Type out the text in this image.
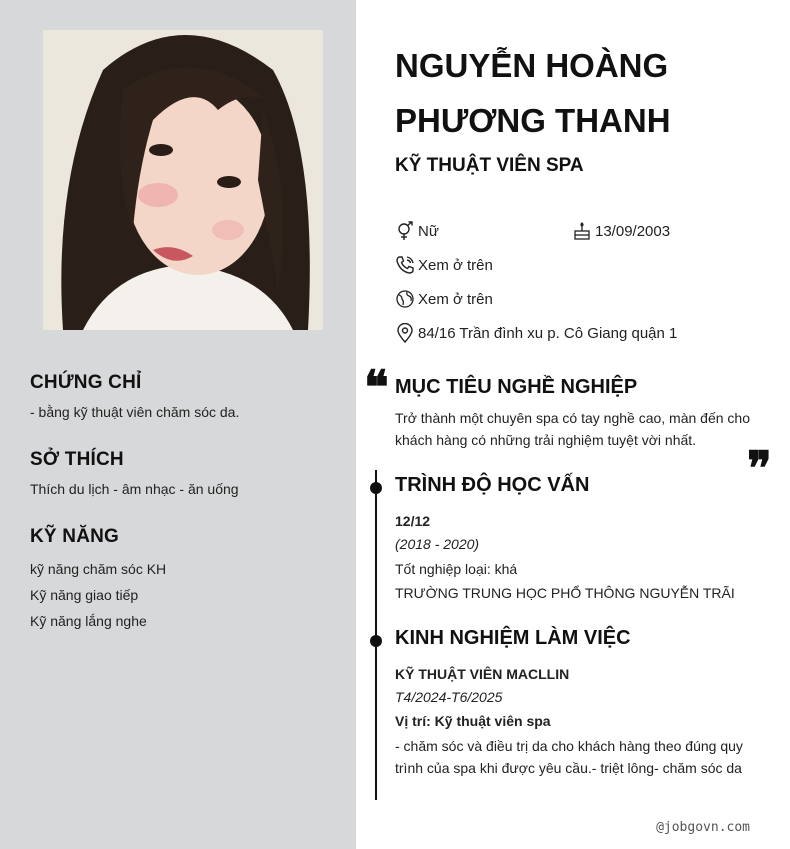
CHỨNG CHỈ
- bằng kỹ thuật viên chăm sóc da.
SỞ THÍCH
Thích du lịch - âm nhạc - ăn uống
KỸ NĂNG
kỹ năng chăm sóc KH
Kỹ năng giao tiếp
Kỹ năng lắng nghe
NGUYỄN HOÀNG
PHƯƠNG THANH
KỸ THUẬT VIÊN SPA
Nữ	13/09/2003
Xem ở trên
Xem ở trên
84/16 Trần đình xu p. Cô Giang quận 1
❝ MỤC TIÊU NGHỀ NGHIỆP
Trở thành một chuyên spa có tay nghề cao, màn đến cho khách hàng có những trải nghiệm tuyệt vời nhất.
❞
TRÌNH ĐỘ HỌC VẤN
12/12
(2018 - 2020)
Tốt nghiệp loại: khá
TRƯỜNG TRUNG HỌC PHỔ THÔNG NGUYỄN TRÃI
KINH NGHIỆM LÀM VIỆC
KỸ THUẬT VIÊN MACLLIN
T4/2024-T6/2025
Vị trí: Kỹ thuật viên spa
- chăm sóc và điều trị da cho khách hàng theo đúng quy trình của spa khi được yêu cầu.- triệt lông- chăm sóc da
@jobgovn.com
